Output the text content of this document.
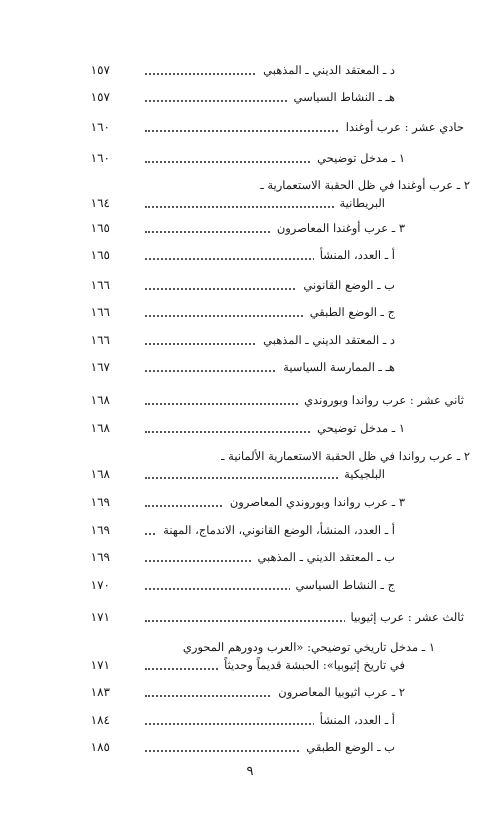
١٥٧	د ـ المعتقد الديني ـ المذهبي
١٥٧	هـ ـ النشاط السياسي
١٦٠	حادي عشر : عرب أوغندا
١٦٠	١ ـ مدخل توضيحي
٢ ـ عرب أوغندا في ظل الحقبة الاستعمارية ـ
١٦٤	البريطانية
١٦٥	٣ ـ عرب أوغندا المعاصرون
١٦٥	أ ـ العدد، المنشأ
١٦٦	ب ـ الوضع القانوني
١٦٦	ج ـ الوضع الطبقي
١٦٦	د ـ المعتقد الديني ـ المذهبي
١٦٧	هـ ـ الممارسة السياسية
١٦٨	ثاني عشر : عرب رواندا وبوروندي
١٦٨	١ ـ مدخل توضيحي
٢ ـ عرب رواندا في ظل الحقبة الاستعمارية الألمانية ـ
١٦٨	البلجيكية
١٦٩	٣ ـ عرب رواندا وبوروندي المعاصرون
١٦٩	أ ـ العدد، المنشأ، الوضع القانوني، الاندماج، المهنة
١٦٩	ب ـ المعتقد الديني ـ المذهبي
١٧٠	ج ـ النشاط السياسي
١٧١	ثالث عشر : عرب إثيوبيا
١ ـ مدخل تاريخي توضيحي: «العرب ودورهم المحوري
١٧١	في تاريخ إثيوبيا»: الحبشة قديماً وحديثاً
١٨٣	٢ ـ عرب اثيوبيا المعاصرون
١٨٤	أ ـ العدد، المنشأ
١٨٥	ب ـ الوضع الطبقي
٩
